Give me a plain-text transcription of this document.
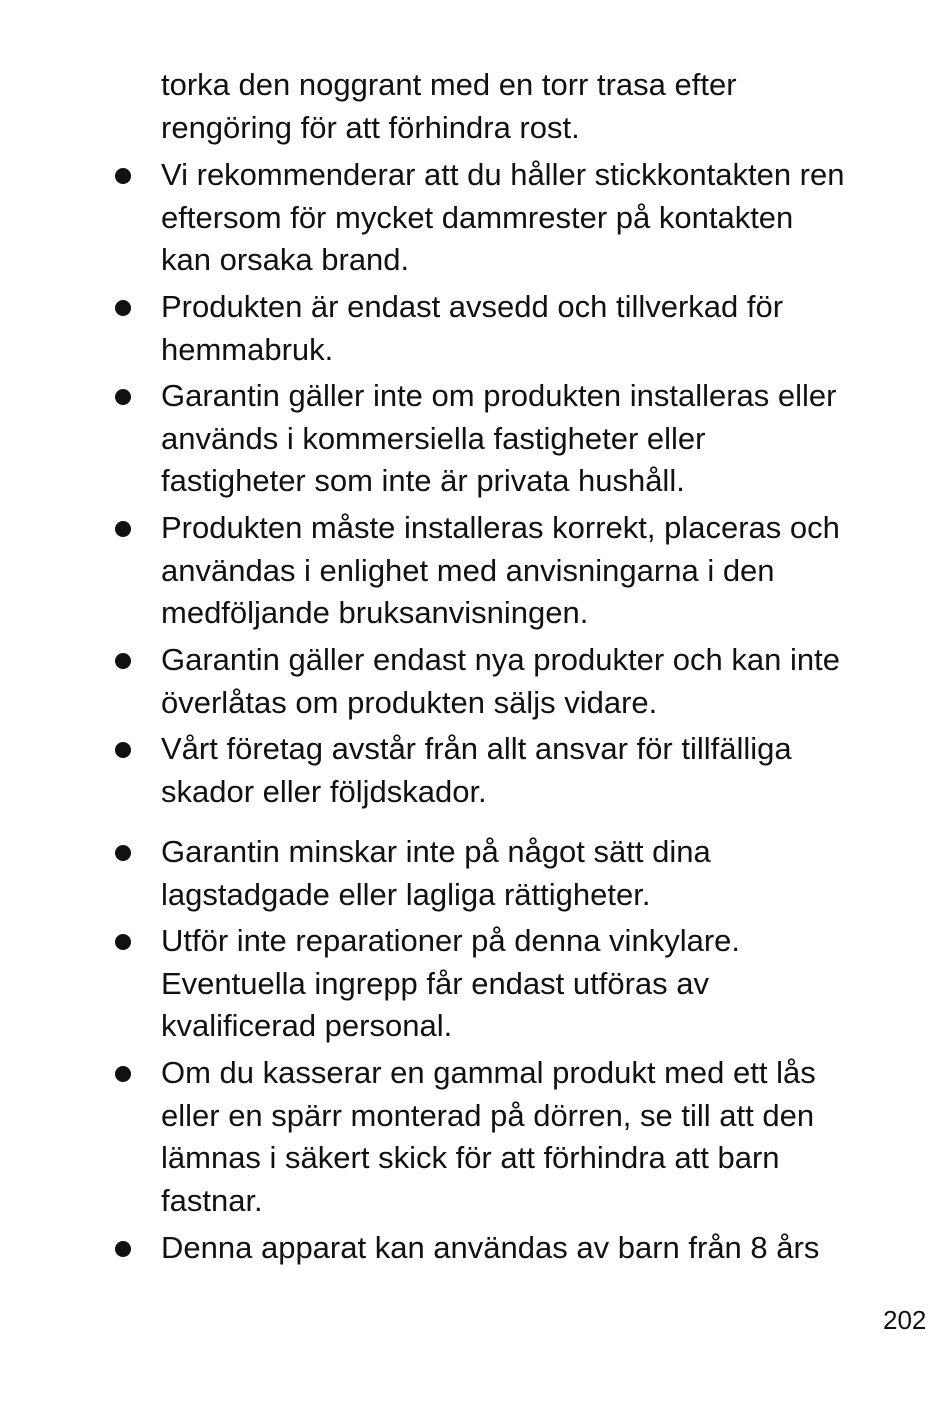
torka den noggrant med en torr trasa efter
rengöring för att förhindra rost.

Vi rekommenderar att du håller stickkontakten ren
eftersom för mycket dammrester på kontakten
kan orsaka brand.

Produkten är endast avsedd och tillverkad för
hemmabruk.

Garantin gäller inte om produkten installeras eller
används i kommersiella fastigheter eller
fastigheter som inte är privata hushåll.

Produkten måste installeras korrekt, placeras och
användas i enlighet med anvisningarna i den
medföljande bruksanvisningen.

Garantin gäller endast nya produkter och kan inte
överlåtas om produkten säljs vidare.

Vårt företag avstår från allt ansvar för tillfälliga
skador eller följdskador.

Garantin minskar inte på något sätt dina
lagstadgade eller lagliga rättigheter.

Utför inte reparationer på denna vinkylare.
Eventuella ingrepp får endast utföras av
kvalificerad personal.

Om du kasserar en gammal produkt med ett lås
eller en spärr monterad på dörren, se till att den
lämnas i säkert skick för att förhindra att barn
fastnar.

Denna apparat kan användas av barn från 8 års

202
